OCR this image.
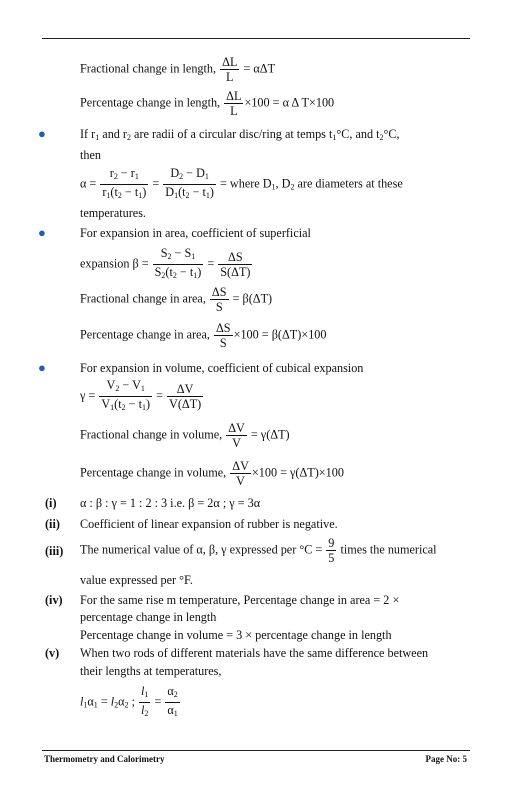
Fractional change in length, $\frac{\Delta L}{L} = \alpha\Delta T$
Percentage change in length, $\frac{\Delta L}{L} \times 100 = \alpha$ Δ T×100
●	If $r_1$ and $r_2$ are radii of a circular disc/ring at temps $t_1^\circ C$, and $t_2^\circ C$,
then
$\alpha = \frac{r_2 - r_1}{r_1(t_2 - t_1)} = \frac{D_2 - D_1}{D_1(t_2 - t_1)}$ = where $D_1$, $D_2$ are diameters at these
temperatures.
●	For expansion in area, coefficient of superficial
expansion $\beta = \frac{S_2 - S_1}{S_2(t_2 - t_1)} = \frac{\Delta S}{S(\Delta T)}$
Fractional change in area, $\frac{\Delta S}{S} = \beta(\Delta T)$
Percentage change in area, $\frac{\Delta S}{S} \times 100 = \beta(\Delta T)\times 100$
●	For expansion in volume, coefficient of cubical expansion
$\gamma = \frac{V_2 - V_1}{V_1(t_2 - t_1)} = \frac{\Delta V}{V(\Delta T)}$
Fractional change in volume, $\frac{\Delta V}{V} = \gamma(\Delta T)$
Percentage change in volume, $\frac{\Delta V}{V} \times 100 = \gamma(\Delta T)\times 100$
(i) α : β : γ = 1 : 2 : 3 i.e. β = 2α ; γ = 3α
(ii) Coefficient of linear expansion of rubber is negative.
(iii) The numerical value of α, β, γ expressed per $^\circ C = \frac{9}{5}$ times the numerical
value expressed per °F.
(iv) For the same rise m temperature, Percentage change in area = 2 ×
percentage change in length
Percentage change in volume = 3 × percentage change in length
(v) When two rods of different materials have the same difference between
their lengths at temperatures,
$l_1\alpha_1 = l_2\alpha_2$ ; $\frac{l_1}{l_2} = \frac{\alpha_2}{\alpha_1}$
Thermometry and Calorimetry	Page No: 5
